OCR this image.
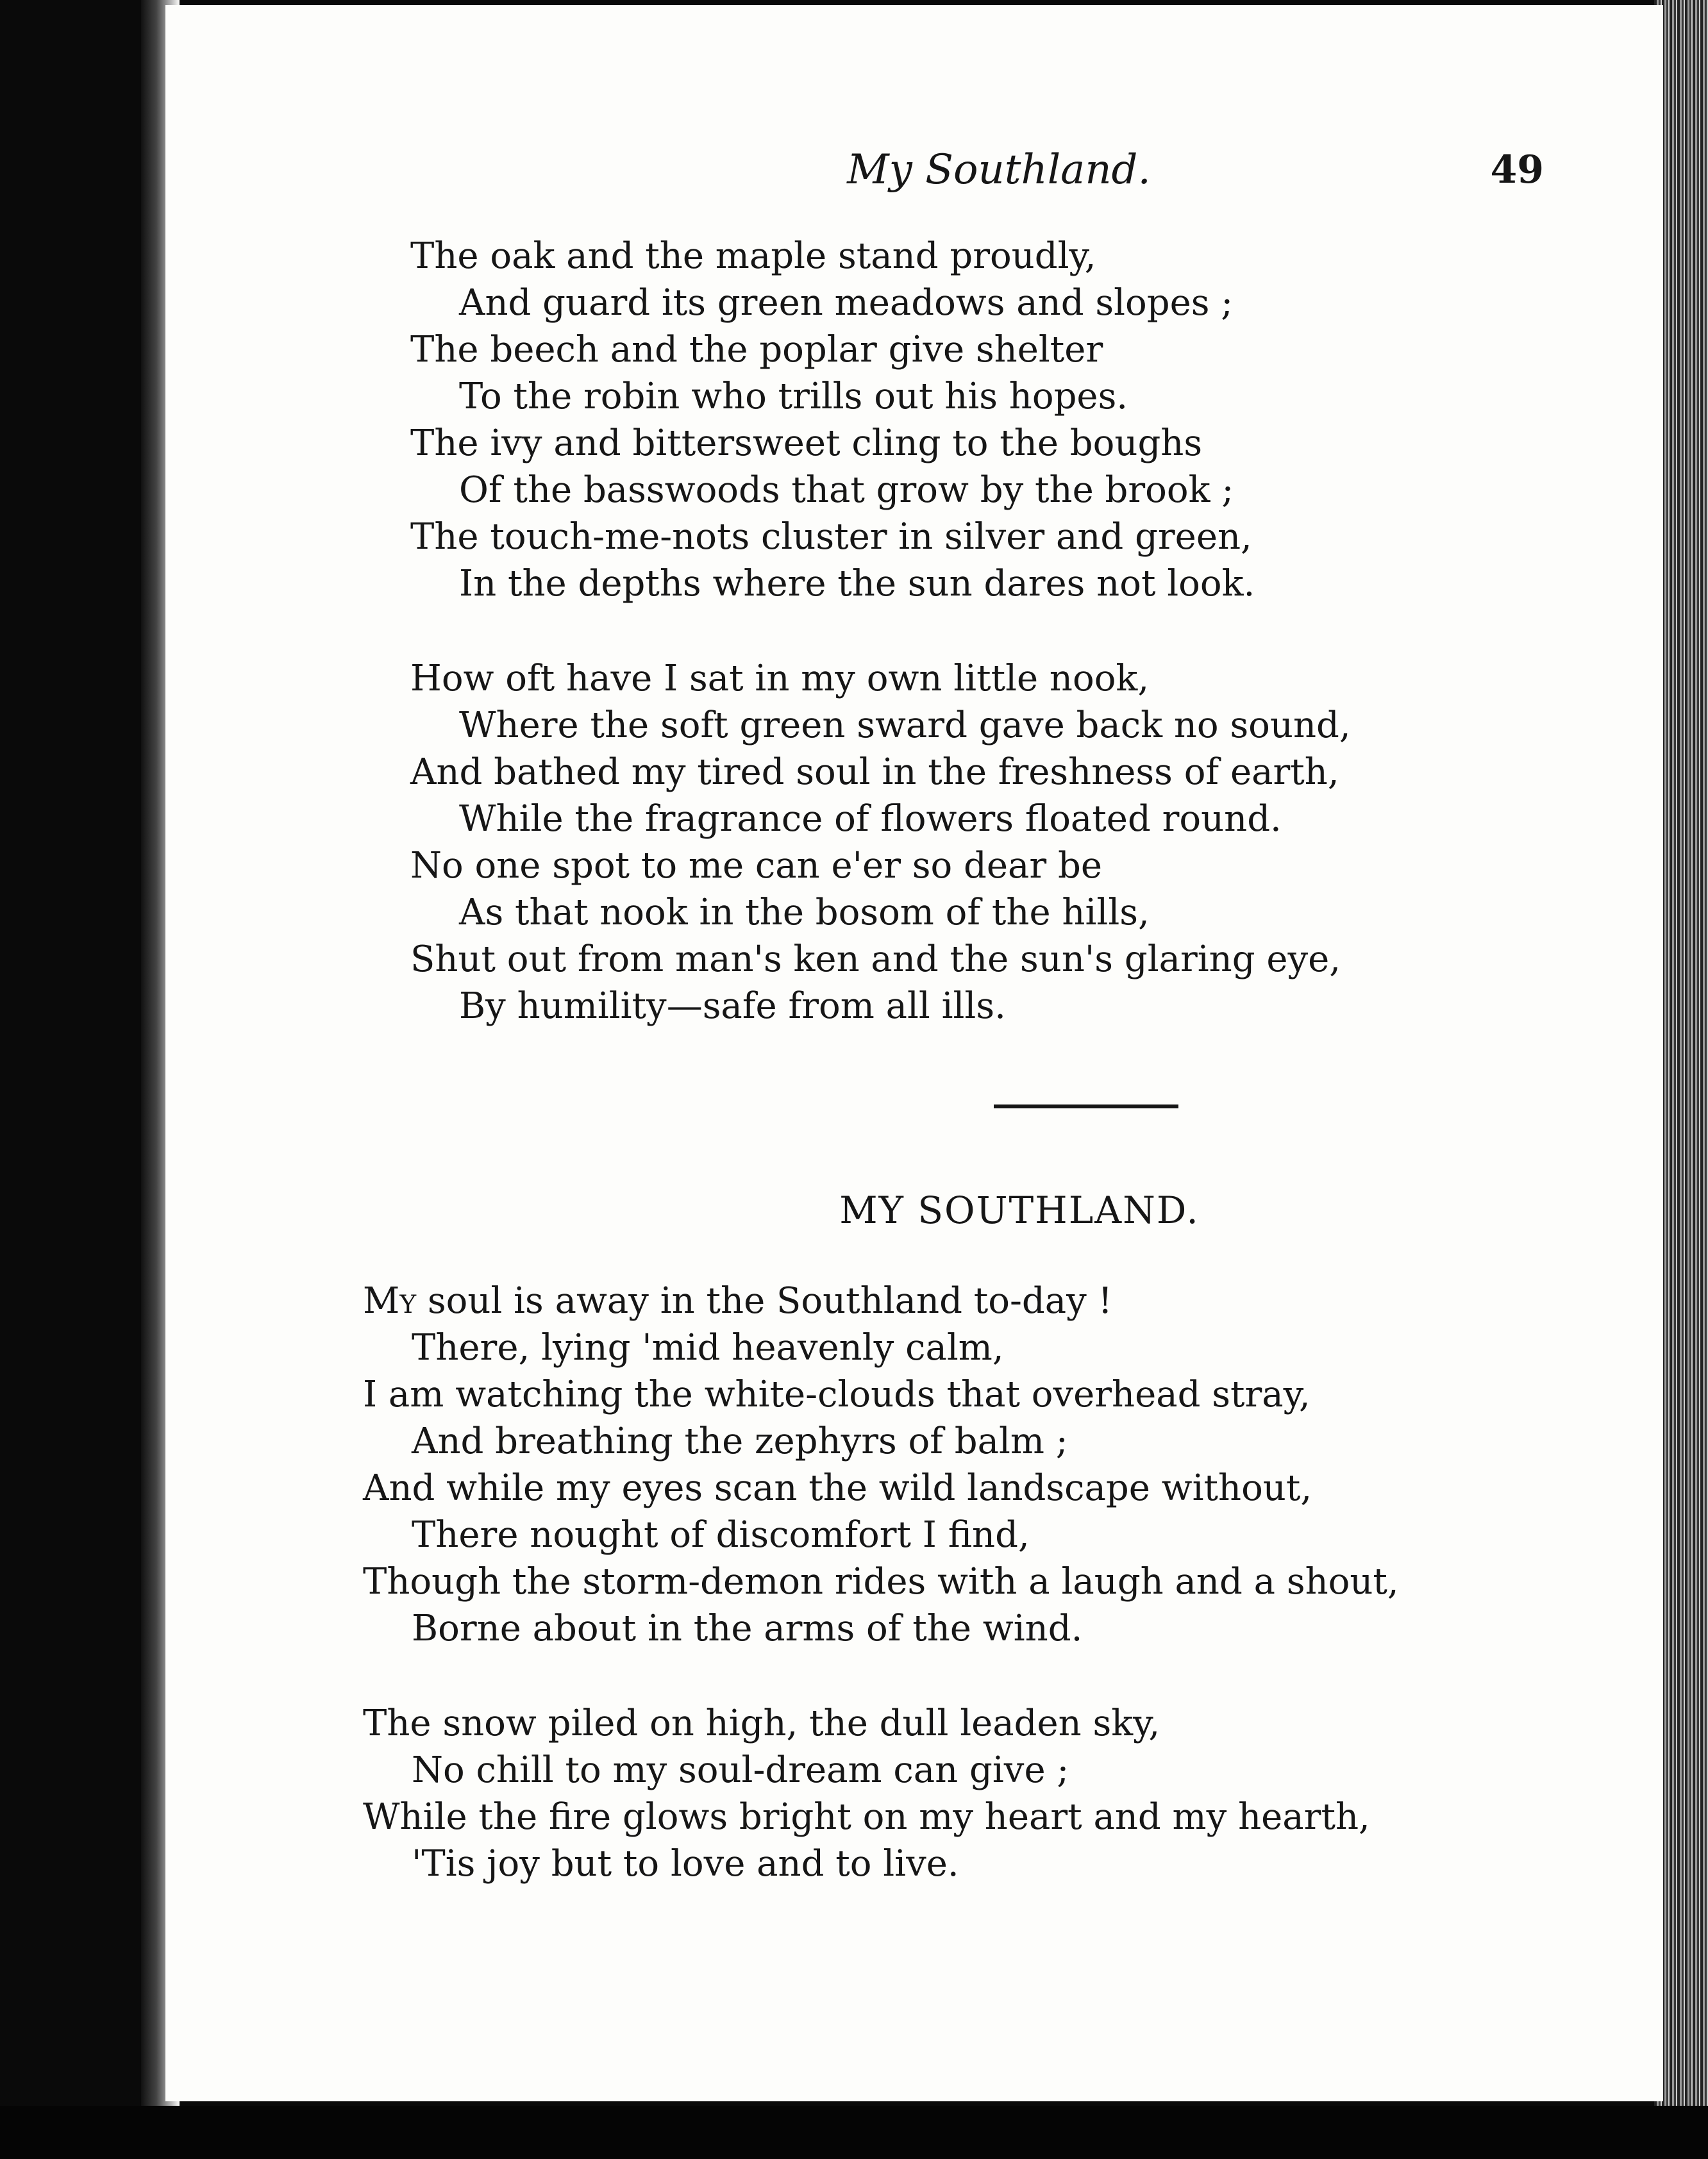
My Southland.	49
The oak and the maple stand proudly,
And guard its green meadows and slopes ;
The beech and the poplar give shelter
To the robin who trills out his hopes.
The ivy and bittersweet cling to the boughs
Of the basswoods that grow by the brook ;
The touch-me-nots cluster in silver and green,
In the depths where the sun dares not look.
How oft have I sat in my own little nook,
Where the soft green sward gave back no sound,
And bathed my tired soul in the freshness of earth,
While the fragrance of flowers floated round.
No one spot to me can e'er so dear be
As that nook in the bosom of the hills,
Shut out from man's ken and the sun's glaring eye,
By humility—safe from all ills.
MY SOUTHLAND.
My soul is away in the Southland to-day !
There, lying 'mid heavenly calm,
I am watching the white-clouds that overhead stray,
And breathing the zephyrs of balm ;
And while my eyes scan the wild landscape without,
There nought of discomfort I find,
Though the storm-demon rides with a laugh and a shout,
Borne about in the arms of the wind.
The snow piled on high, the dull leaden sky,
No chill to my soul-dream can give ;
While the fire glows bright on my heart and my hearth,
'Tis joy but to love and to live.
